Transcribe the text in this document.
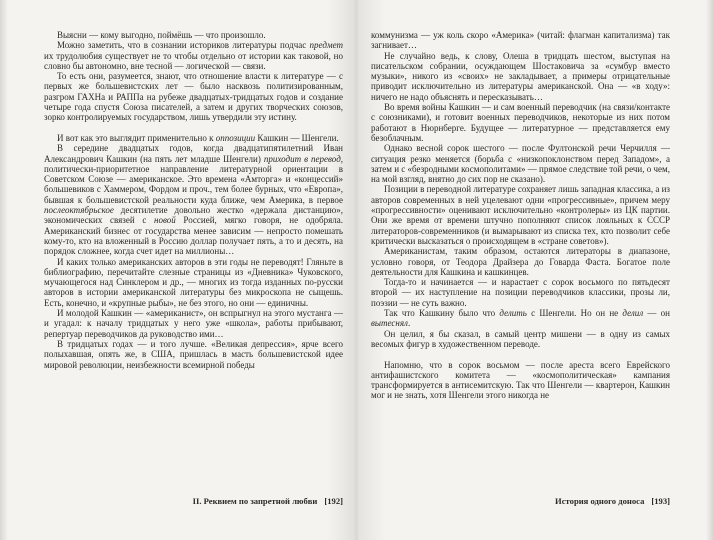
Выясни — кому выгодно, поймёшь — что произошло.

Можно заметить, что в сознании историков литературы подчас предмет их трудолюбия существует не то чтобы отдельно от истории как таковой, но словно бы автономно, вне тесной — логической — связи.

То есть они, разумеется, знают, что отношение власти к литературе — с первых же большевистских лет — было насквозь политизированным, разгром ГАХНа и РАППа на рубеже двадцатых-тридцатых годов и создание четыре года спустя Союза писателей, а затем и других творческих союзов, зорко контролируемых государством, лишь утвердили эту истину.

И вот как это выглядит применительно к оппозиции Кашкин — Шенгели.

В середине двадцатых годов, когда двадцатипятилетний Иван Александрович Кашкин (на пять лет младше Шенгели) приходит в перевод, политически-приоритетное направление литературной ориентации в Советском Союзе — американское. Это времена «Амторга» и «концессий» большевиков с Хаммером, Фордом и проч., тем более бурных, что «Европа», бывшая к большевистской реальности куда ближе, чем Америка, в первое послеоктябрьское десятилетие довольно жестко «держала дистанцию», экономических связей с новой Россией, мягко говоря, не одобряла. Американский бизнес от государства менее зависим — непросто помешать кому-то, кто на вложенный в Россию доллар получает пять, а то и десять, на порядок сложнее, когда счет идет на миллионы…

И каких только американских авторов в эти годы не переводят! Гляньте в библиографию, перечитайте слезные страницы из «Дневника» Чуковского, мучающегося над Синклером и др., — многих из тогда изданных по-русски авторов в истории американской литературы без микроскопа не сыщешь. Есть, конечно, и «крупные рыбы», не без этого, но они — единичны.

И молодой Кашкин — «американист», он вспрыгнул на этого мустанга — и угадал: к началу тридцатых у него уже «школа», работы прибывают, репертуар переводчиков да руководство ими…

В тридцатых годах — и того лучше. «Великая депрессия», ярче всего полыхавшая, опять же, в США, пришлась в масть большевистской идее мировой революции, неизбежности всемирной победы

коммунизма — уж коль скоро «Америка» (читай: флагман капитализма) так загнивает…

Не случайно ведь, к слову, Олеша в тридцать шестом, выступая на писательском собрании, осуждающем Шостаковича за «сумбур вместо музыки», никого из «своих» не закладывает, а примеры отрицательные приводит исключительно из литературы американской. Она — «в ходу»: ничего не надо объяснять и пересказывать…

Во время войны Кашкин — и сам военный переводчик (на связи/контакте с союзниками), и готовит военных переводчиков, некоторые из них потом работают в Нюрнберге. Будущее — литературное — представляется ему безоблачным.

Однако весной сорок шестого — после Фултонской речи Черчилля — ситуация резко меняется (борьба с «низкопоклонством перед Западом», а затем и с «безродными космополитами» — прямое следствие той речи, о чем, на мой взгляд, внятно до сих пор не сказано).

Позиции в переводной литературе сохраняет лишь западная классика, а из авторов современных в ней уцелевают одни «прогрессивные», причем меру «прогрессивности» оценивают исключительно «контролеры» из ЦК партии. Они же время от времени штучно пополняют список лояльных к СССР литераторов-современников (и вымарывают из списка тех, кто позволит себе критически высказаться о происходящем в «стране советов»).

Американистам, таким образом, остаются литераторы в диапазоне, условно говоря, от Теодора Драйзера до Говарда Фаста. Богатое поле деятельности для Кашкина и кашкинцев.

Тогда-то и начинается — и нарастает с сорок восьмого по пятьдесят второй — их наступление на позиции переводчиков классики, прозы ли, поэзии — не суть важно.

Так что Кашкину было что делить с Шенгели. Но он не делил — он вытеснял.

Он целил, я бы сказал, в самый центр мишени — в одну из самых весомых фигур в художественном переводе.

Напомню, что в сорок восьмом — после ареста всего Еврейского антифашистского комитета — «космополитическая» кампания трансформируется в антисемитскую. Так что Шенгели — квартерон, Кашкин мог и не знать, хотя Шенгели этого никогда не

II. Реквием по запретной любви [192]	История одного доноса [193]
